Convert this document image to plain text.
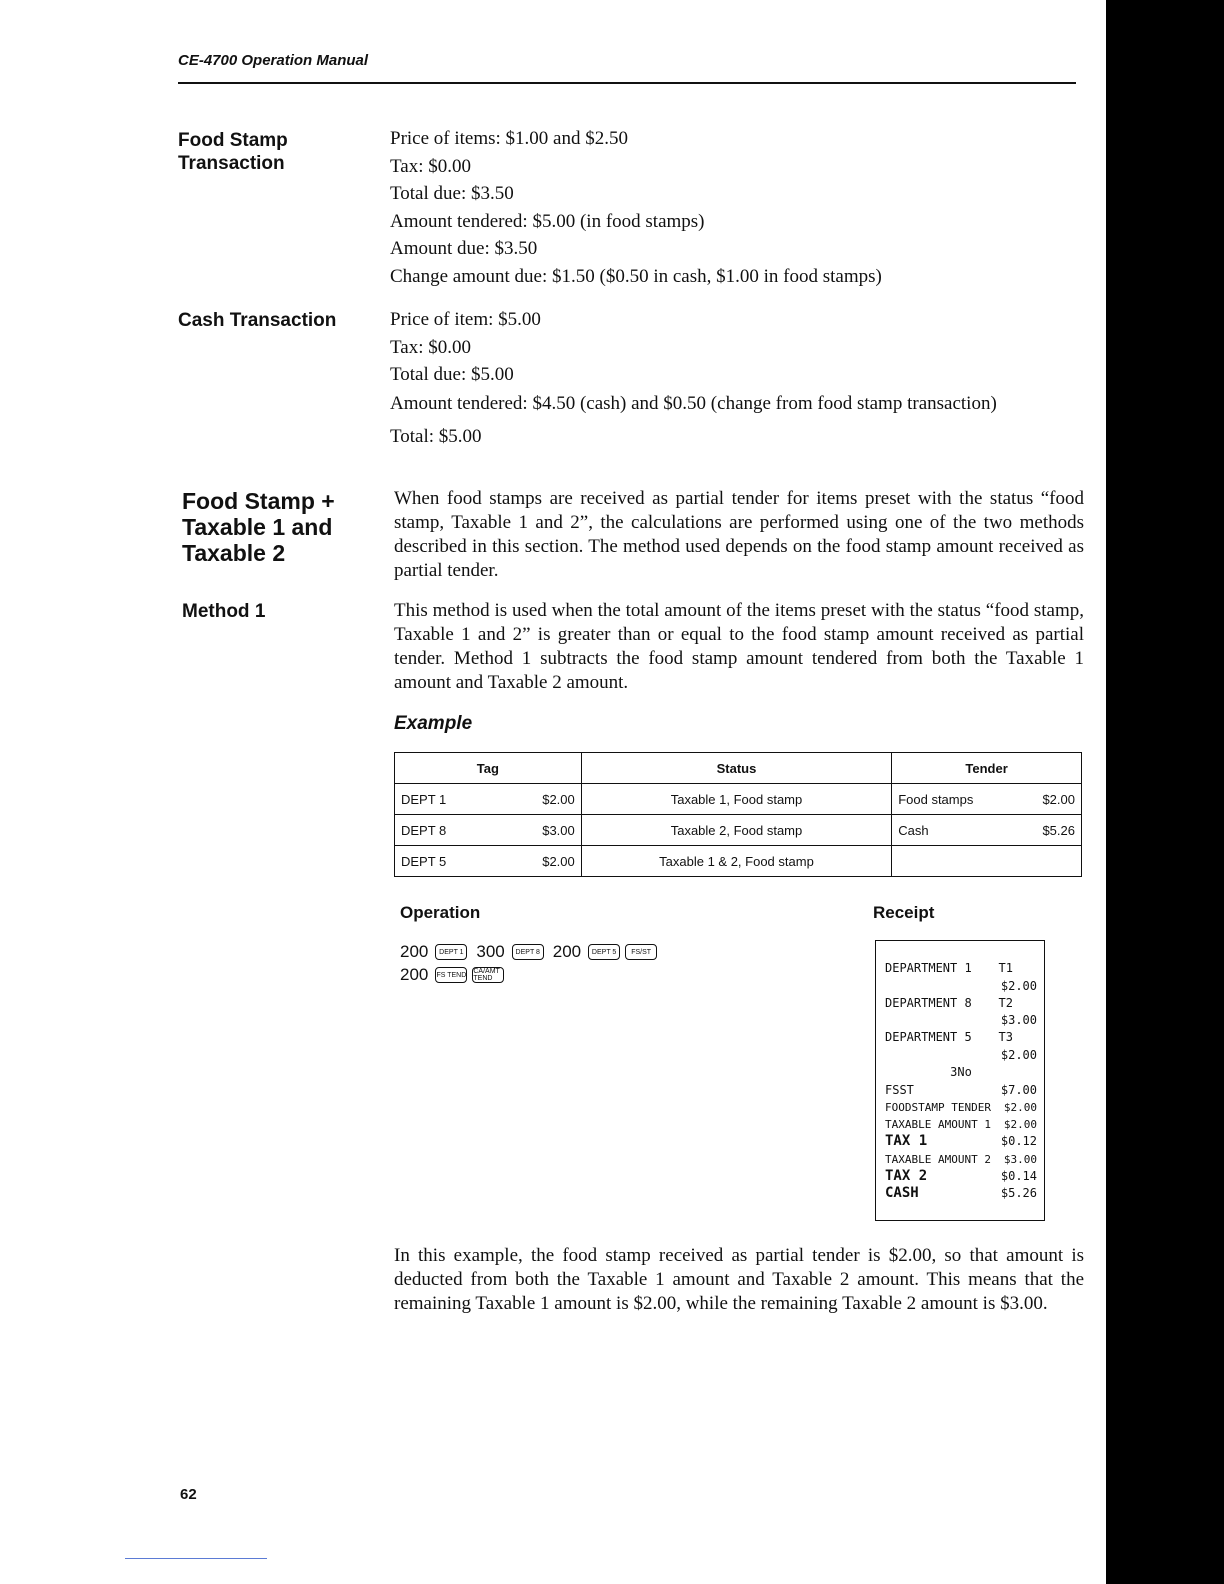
CE-4700 Operation Manual
Food Stamp
Transaction
Price of items: $1.00 and $2.50
Tax: $0.00
Total due: $3.50
Amount tendered: $5.00 (in food stamps)
Amount due: $3.50
Change amount due: $1.50 ($0.50 in cash, $1.00 in food stamps)
Cash Transaction	Price of item: $5.00
Tax: $0.00
Total due: $5.00
Amount tendered: $4.50 (cash) and $0.50 (change from food stamp transaction)
Total: $5.00
Food Stamp +
Taxable 1 and
Taxable 2
When food stamps are received as partial tender for items preset with the status “food stamp, Taxable 1 and 2”, the calculations are performed using one of the two methods described in this section. The method used depends on the food stamp amount received as partial tender.
Method 1	This method is used when the total amount of the items preset with the status “food stamp, Taxable 1 and 2” is greater than or equal to the food stamp amount received as partial tender. Method 1 subtracts the food stamp amount tendered from both the Taxable 1 amount and Taxable 2 amount.
Example
Tag	Status	Tender

DEPT 1 $2.00	Taxable 1, Food stamp	Food stamps $2.00

DEPT 8 $3.00	Taxable 2, Food stamp	Cash $5.26

DEPT 5 $2.00	Taxable 1 & 2, Food stamp	
Operation	Receipt
200	DEPT 1 300	DEPT 8 200	DEPT 5	FS/ST
200 FS TEND CA/AMT TEND
DEPARTMENT 1 T1
$2.00
DEPARTMENT 8 T2
$3.00
DEPARTMENT 5 T3
$2.00
3No
FSST	$7.00
FOODSTAMP TENDER $2.00
TAXABLE AMOUNT 1 $2.00
TAX 1	$0.12
TAXABLE AMOUNT 2 $3.00
TAX 2	$0.14
CASH	$5.26
In this example, the food stamp received as partial tender is $2.00, so that amount is deducted from both the Taxable 1 amount and Taxable 2 amount. This means that the remaining Taxable 1 amount is $2.00, while the remaining Taxable 2 amount is $3.00.
62
